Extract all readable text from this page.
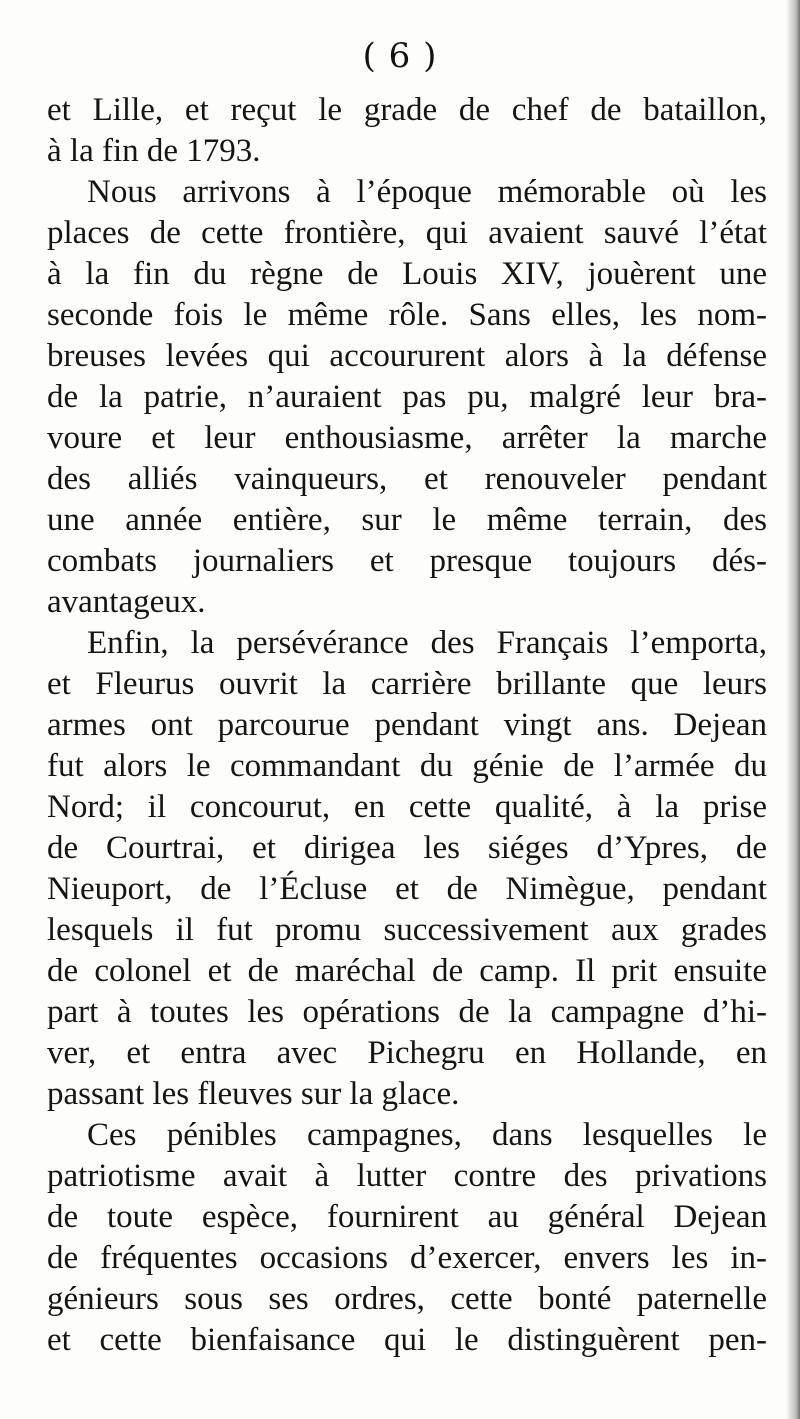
( 6 )
et Lille, et reçut le grade de chef de bataillon,
à la fin de 1793.
Nous arrivons à l’époque mémorable où les
places de cette frontière, qui avaient sauvé l’état
à la fin du règne de Louis XIV, jouèrent une
seconde fois le même rôle. Sans elles, les nom-
breuses levées qui accoururent alors à la défense
de la patrie, n’auraient pas pu, malgré leur bra-
voure et leur enthousiasme, arrêter la marche
des alliés vainqueurs, et renouveler pendant
une année entière, sur le même terrain, des
combats journaliers et presque toujours dés-
avantageux.
Enfin, la persévérance des Français l’emporta,
et Fleurus ouvrit la carrière brillante que leurs
armes ont parcourue pendant vingt ans. Dejean
fut alors le commandant du génie de l’armée du
Nord; il concourut, en cette qualité, à la prise
de Courtrai, et dirigea les siéges d’Ypres, de
Nieuport, de l’Écluse et de Nimègue, pendant
lesquels il fut promu successivement aux grades
de colonel et de maréchal de camp. Il prit ensuite
part à toutes les opérations de la campagne d’hi-
ver, et entra avec Pichegru en Hollande, en
passant les fleuves sur la glace.
Ces pénibles campagnes, dans lesquelles le
patriotisme avait à lutter contre des privations
de toute espèce, fournirent au général Dejean
de fréquentes occasions d’exercer, envers les in-
génieurs sous ses ordres, cette bonté paternelle
et cette bienfaisance qui le distinguèrent pen-
